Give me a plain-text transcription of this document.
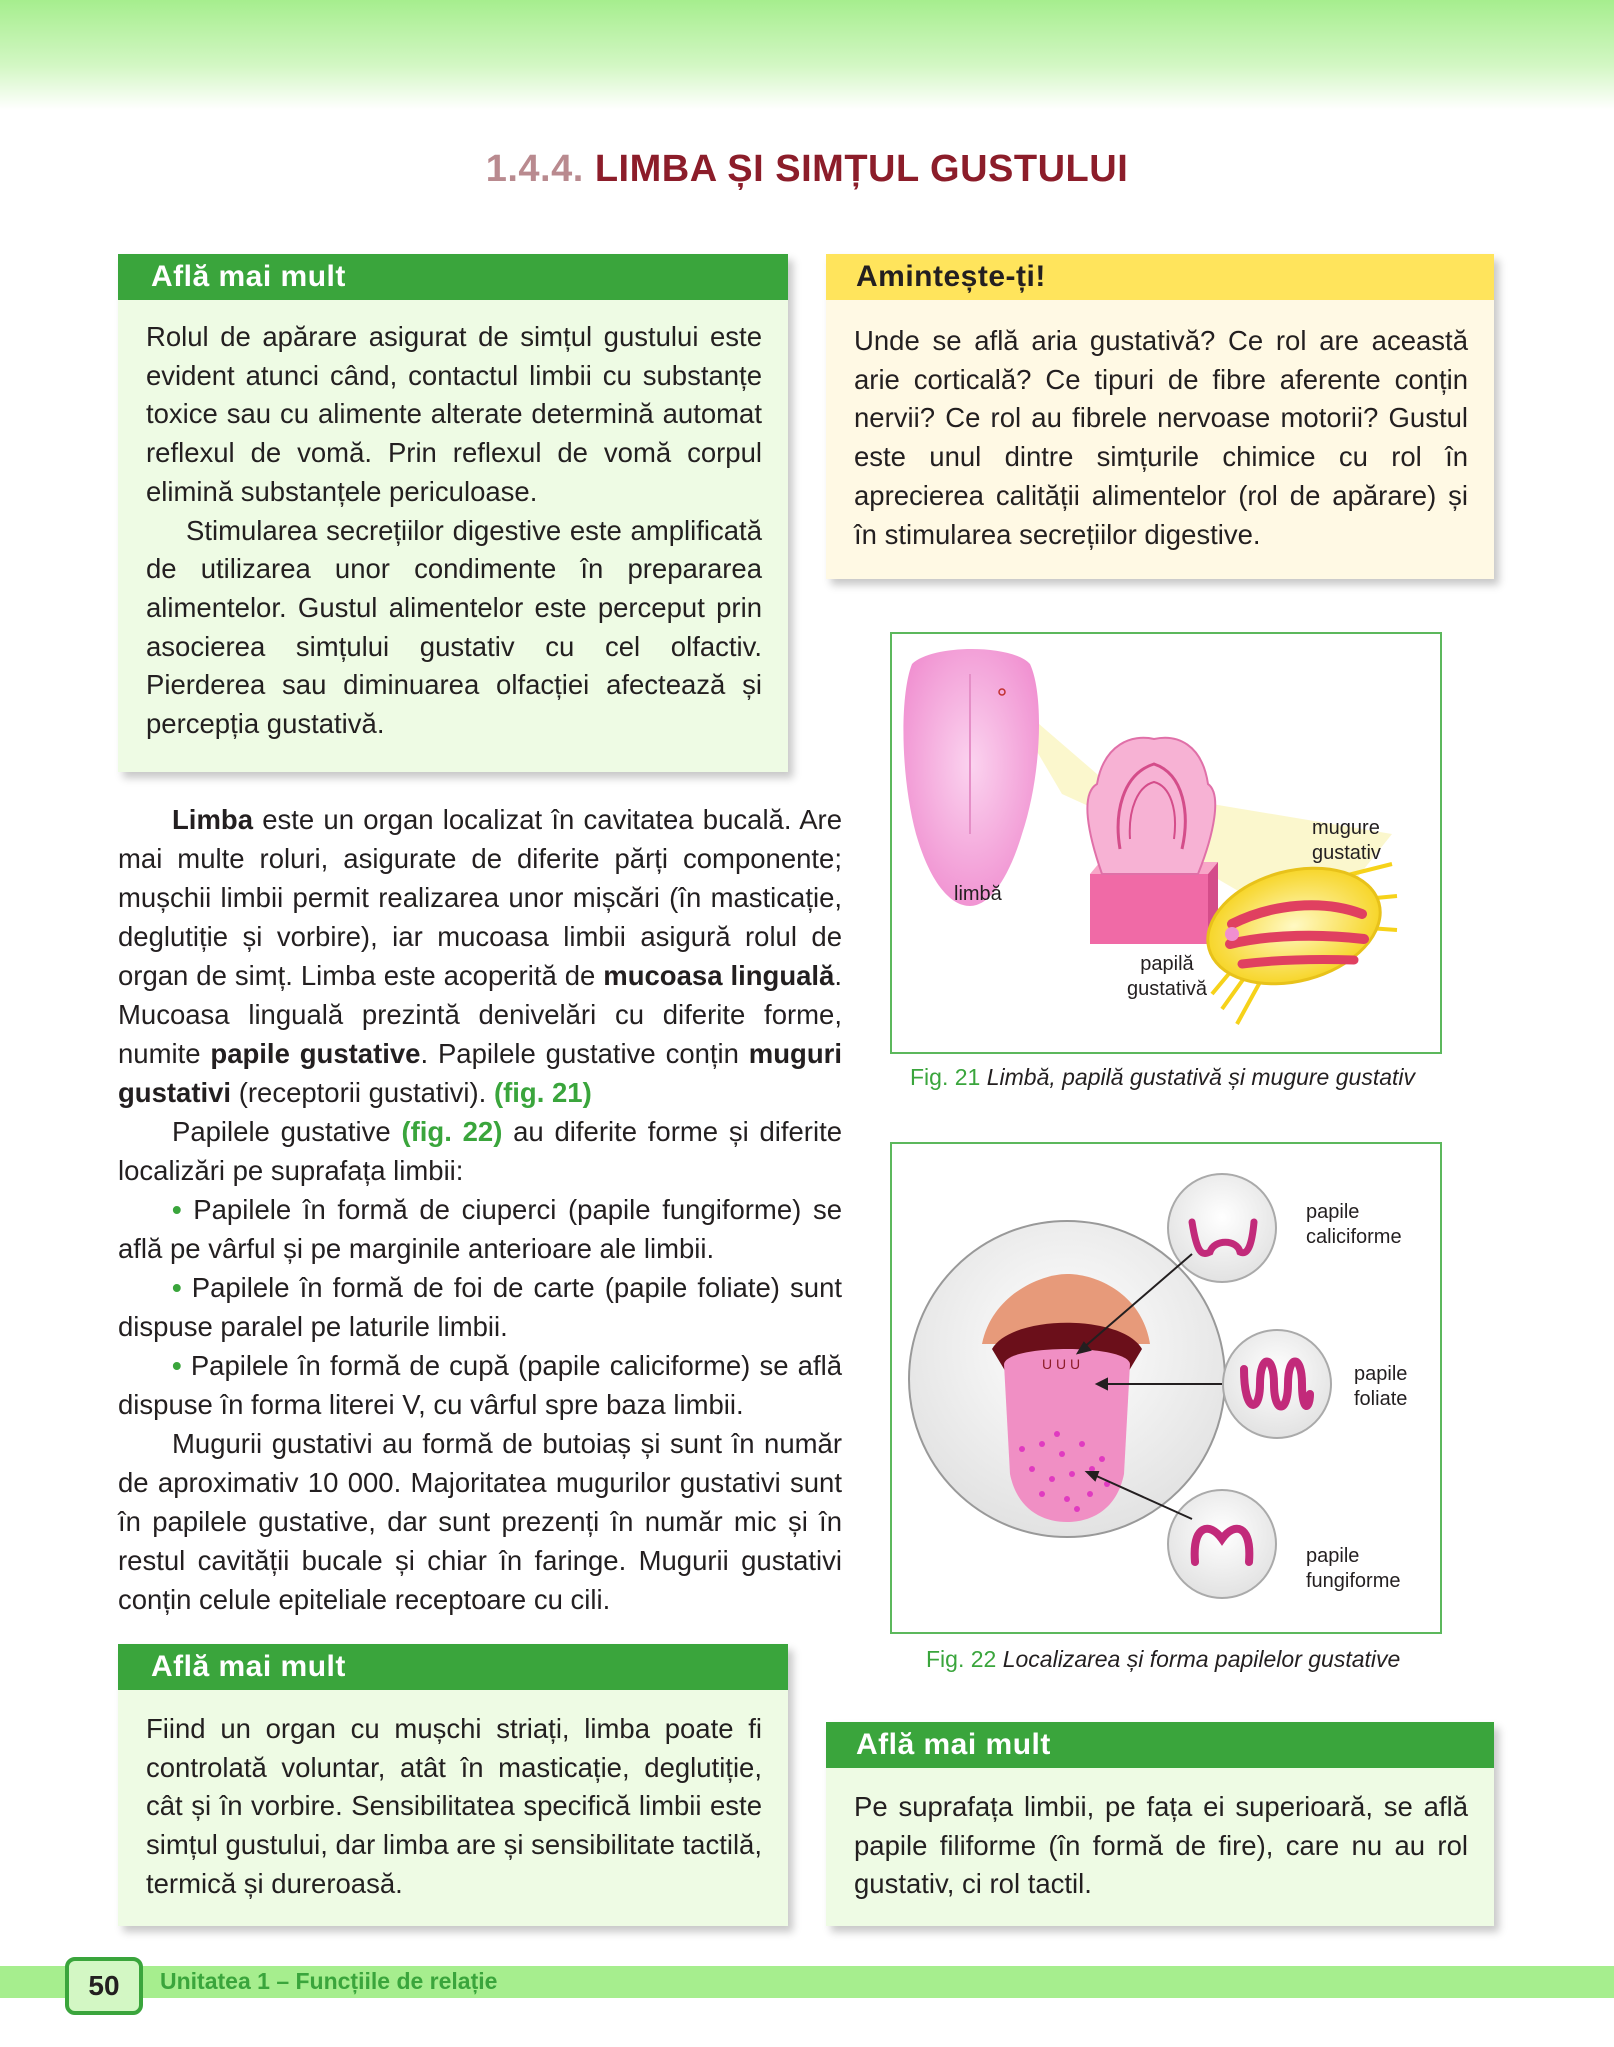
1.4.4. LIMBA ȘI SIMȚUL GUSTULUI
Află mai mult

Rolul de apărare asigurat de simțul gustului este evident atunci când, contactul limbii cu substanțe toxice sau cu alimente alterate determină automat reflexul de vomă. Prin reflexul de vomă corpul elimină substanțele periculoase.

Stimularea secrețiilor digestive este amplificată de utilizarea unor condimente în prepararea alimentelor. Gustul alimentelor este perceput prin asocierea simțului gustativ cu cel olfactiv. Pierderea sau diminuarea olfacției afectează și percepția gustativă.

Amintește-ți!

Unde se află aria gustativă? Ce rol are această arie corticală? Ce tipuri de fibre aferente conțin nervii? Ce rol au fibrele nervoase motorii? Gustul este unul dintre simțurile chimice cu rol în aprecierea calității alimentelor (rol de apărare) și în stimularea secrețiilor digestive.

Limba este un organ localizat în cavitatea bucală. Are mai multe roluri, asigurate de diferite părți componente; mușchii limbii permit realizarea unor mișcări (în masticație, deglutiție și vorbire), iar mucoasa limbii asigură rolul de organ de simț. Limba este acoperită de mucoasa linguală. Mucoasa linguală prezintă denivelări cu diferite forme, numite papile gustative. Papilele gustative conțin muguri gustativi (receptorii gustativi). (fig. 21)

Papilele gustative (fig. 22) au diferite forme și diferite localizări pe suprafața limbii:

• Papilele în formă de ciuperci (papile fungiforme) se află pe vârful și pe marginile anterioare ale limbii.

• Papilele în formă de foi de carte (papile foliate) sunt dispuse paralel pe laturile limbii.

• Papilele în formă de cupă (papile caliciforme) se află dispuse în forma literei V, cu vârful spre baza limbii.

Mugurii gustativi au formă de butoiaș și sunt în număr de aproximativ 10 000. Majoritatea mugurilor gustativi sunt în papilele gustative, dar sunt prezenți în număr mic și în restul cavității bucale și chiar în faringe. Mugurii gustativi conțin celule epiteliale receptoare cu cili.

Află mai mult

Fiind un organ cu mușchi striați, limba poate fi controlată voluntar, atât în masticație, deglutiție, cât și în vorbire. Sensibilitatea specifică limbii este simțul gustului, dar limba are și sensibilitate tactilă, termică și dureroasă.

Află mai mult

Pe suprafața limbii, pe fața ei superioară, se află papile filiforme (în formă de fire), care nu au rol gustativ, ci rol tactil.

limbă
papilă
gustativă
mugure
gustativ
Fig. 21 Limbă, papilă gustativă și mugure gustativ
U U U
papile
caliciforme
papile
foliate
papile
fungiforme
Fig. 22 Localizarea și forma papilelor gustative
50	Unitatea 1 – Funcțiile de relație
